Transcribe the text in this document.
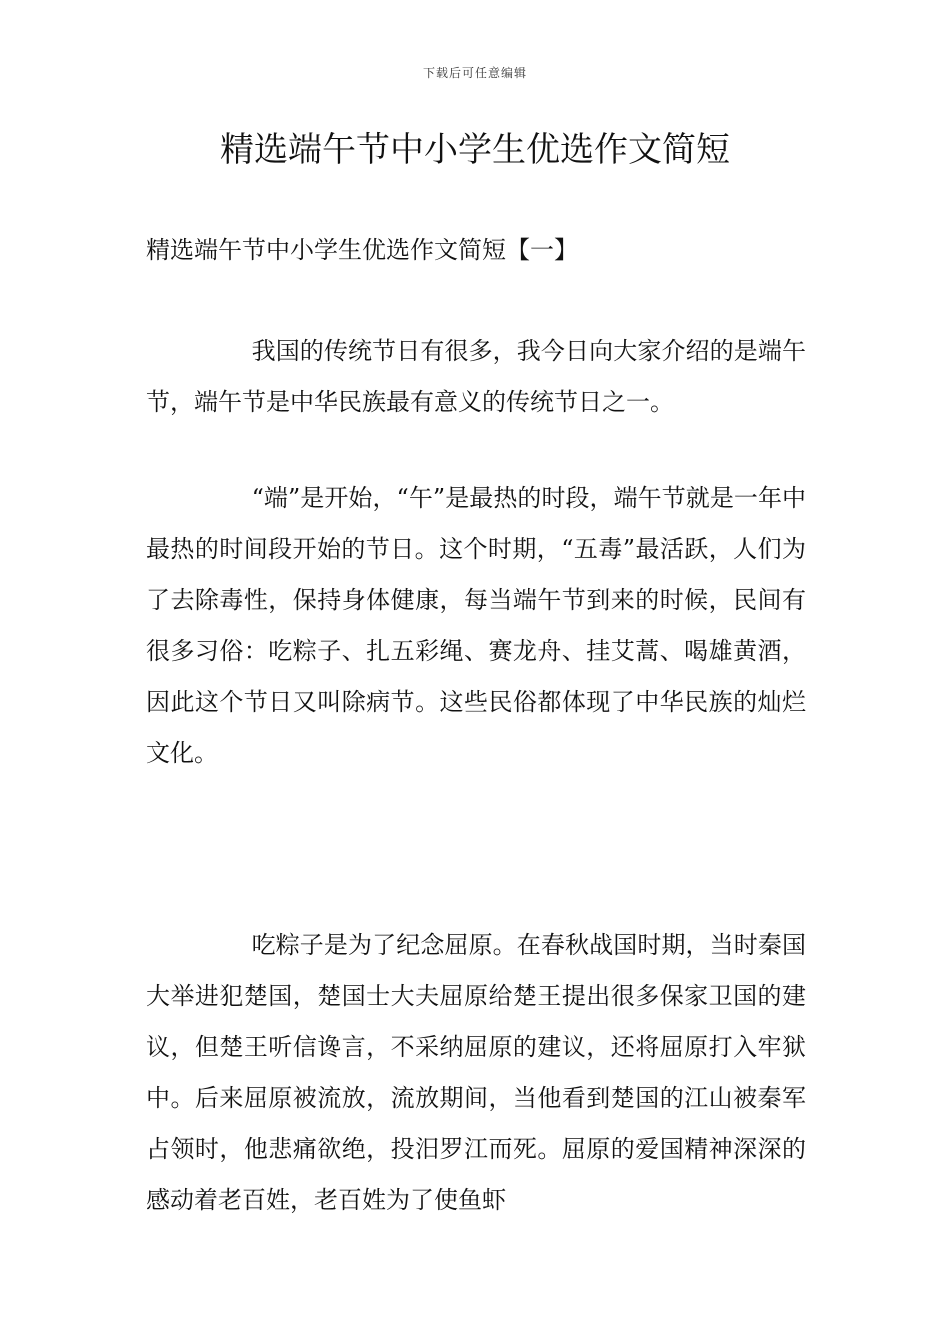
下载后可任意编辑
精选端午节中小学生优选作文简短
精选端午节中小学生优选作文简短【一】

我国的传统节日有很多，我今日向大家介绍的是端午节，端午节是中华民族最有意义的传统节日之一。

“端”是开始，“午”是最热的时段，端午节就是一年中最热的时间段开始的节日。这个时期，“五毒”最活跃，人们为了去除毒性，保持身体健康，每当端午节到来的时候，民间有很多习俗：吃粽子、扎五彩绳、赛龙舟、挂艾蒿、喝雄黄酒，因此这个节日又叫除病节。这些民俗都体现了中华民族的灿烂文化。

吃粽子是为了纪念屈原。在春秋战国时期，当时秦国大举进犯楚国，楚国士大夫屈原给楚王提出很多保家卫国的建议，但楚王听信谗言，不采纳屈原的建议，还将屈原打入牢狱中。后来屈原被流放，流放期间，当他看到楚国的江山被秦军占领时，他悲痛欲绝，投汨罗江而死。屈原的爱国精神深深的感动着老百姓，老百姓为了使鱼虾
